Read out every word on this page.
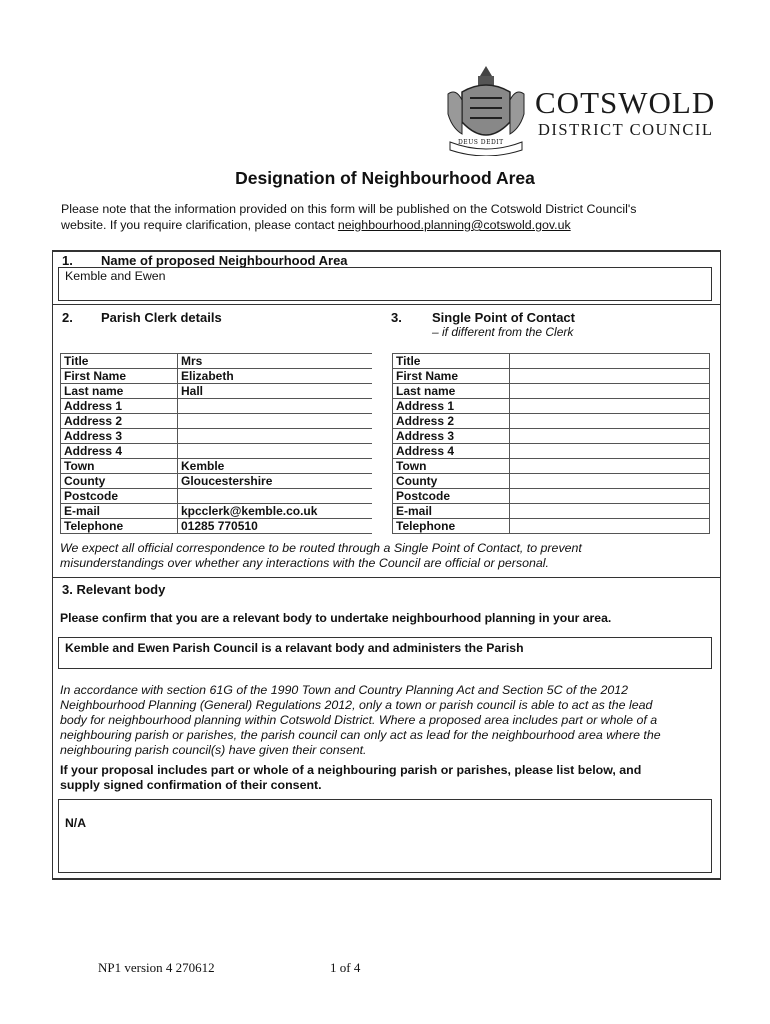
DEUS DEDIT
COTSWOLD
DISTRICT COUNCIL
Designation of Neighbourhood Area
Please note that the information provided on this form will be published on the Cotswold District Council's
website. If you require clarification, please contact neighbourhood.planning@cotswold.gov.uk
1. Name of proposed Neighbourhood Area
Kemble and Ewen
2. Parish Clerk details	3. Single Point of Contact
– if different from the Clerk
Title	Mrs
First Name	Elizabeth
Last name	Hall
Address 1	
Address 2	
Address 3	
Address 4	
Town	Kemble
County	Gloucestershire
Postcode	
E-mail	kpcclerk@kemble.co.uk
Telephone	01285 770510
Title	
First Name	
Last name	
Address 1	
Address 2	
Address 3	
Address 4	
Town	
County	
Postcode	
E-mail	
Telephone	
We expect all official correspondence to be routed through a Single Point of Contact, to prevent
misunderstandings over whether any interactions with the Council are official or personal.
3. Relevant body
Please confirm that you are a relevant body to undertake neighbourhood planning in your area.
Kemble and Ewen Parish Council is a relavant body and administers the Parish
In accordance with section 61G of the 1990 Town and Country Planning Act and Section 5C of the 2012
Neighbourhood Planning (General) Regulations 2012, only a town or parish council is able to act as the lead
body for neighbourhood planning within Cotswold District. Where a proposed area includes part or whole of a
neighbouring parish or parishes, the parish council can only act as lead for the neighbourhood area where the
neighbouring parish council(s) have given their consent.
If your proposal includes part or whole of a neighbouring parish or parishes, please list below, and
supply signed confirmation of their consent.
N/A
NP1 version 4 270612	1 of 4
